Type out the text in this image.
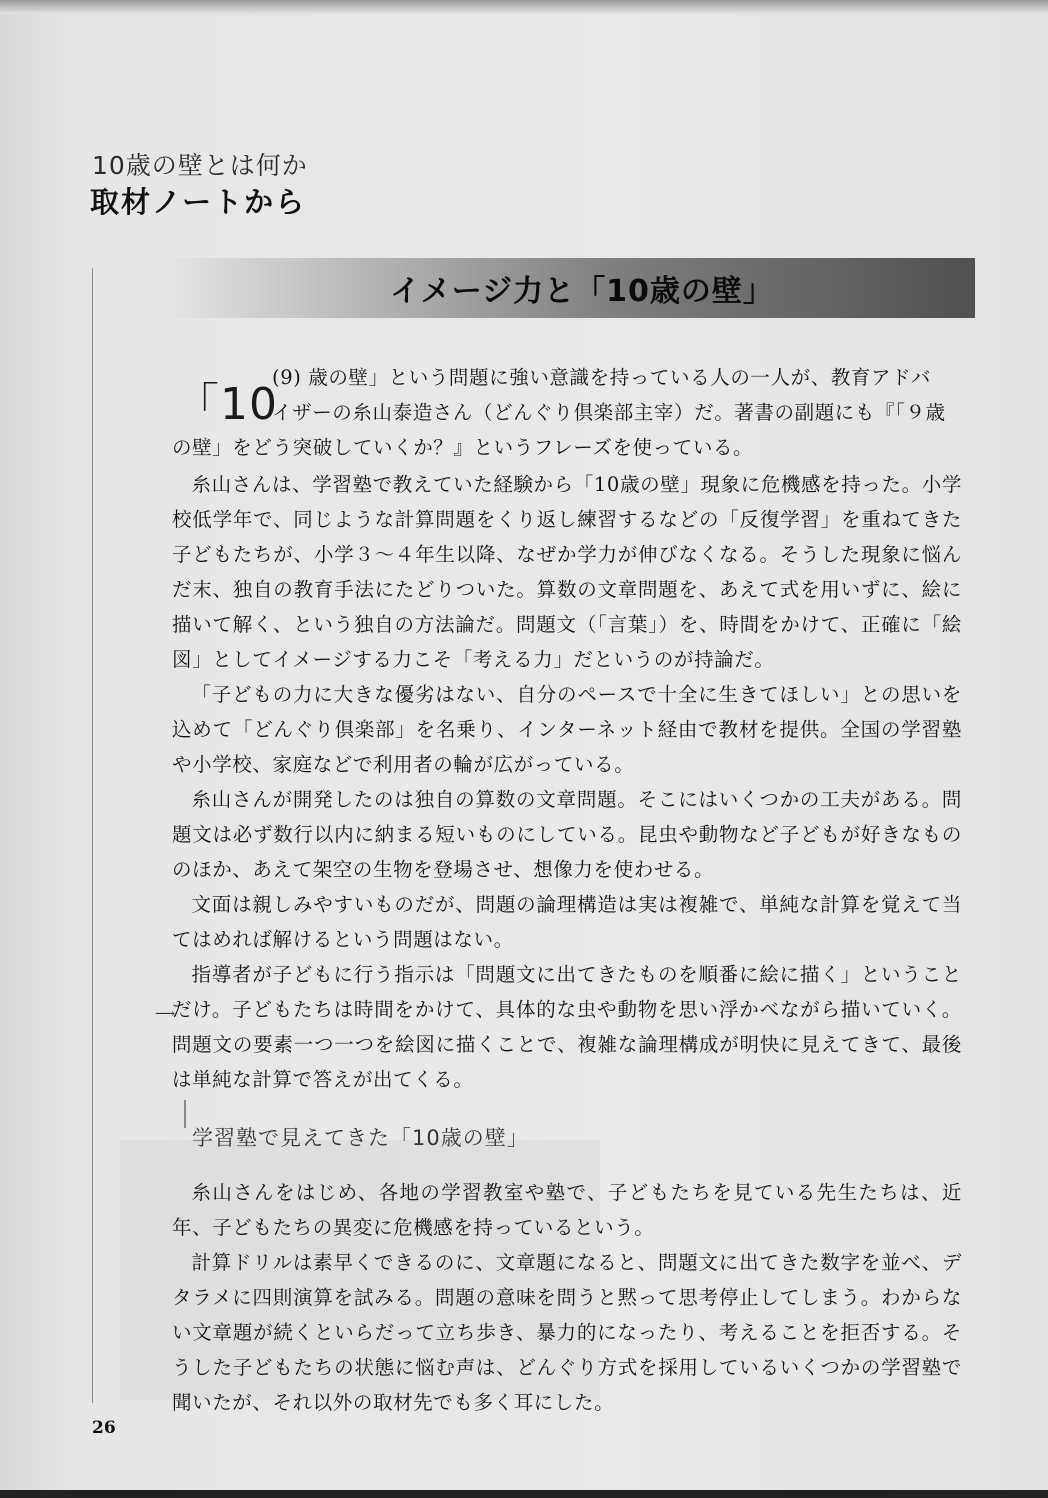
10歳の壁とは何か
取材ノートから
イメージ力と「10歳の壁」
「10
(9) 歳の壁」という問題に強い意識を持っている人の一人が、教育アドバ
イザーの糸山泰造さん（どんぐり倶楽部主宰）だ。著書の副題にも『「９歳
の壁」をどう突破していくか？』というフレーズを使っている。

糸山さんは、学習塾で教えていた経験から「10歳の壁」現象に危機感を持った。小学校低学年で、同じような計算問題をくり返し練習するなどの「反復学習」を重ねてきた子どもたちが、小学３～４年生以降、なぜか学力が伸びなくなる。そうした現象に悩んだ末、独自の教育手法にたどりついた。算数の文章問題を、あえて式を用いずに、絵に描いて解く、という独自の方法論だ。問題文（「言葉」）を、時間をかけて、正確に「絵図」としてイメージする力こそ「考える力」だというのが持論だ。

「子どもの力に大きな優劣はない、自分のペースで十全に生きてほしい」との思いを込めて「どんぐり倶楽部」を名乗り、インターネット経由で教材を提供。全国の学習塾や小学校、家庭などで利用者の輪が広がっている。

糸山さんが開発したのは独自の算数の文章問題。そこにはいくつかの工夫がある。問題文は必ず数行以内に納まる短いものにしている。昆虫や動物など子どもが好きなもののほか、あえて架空の生物を登場させ、想像力を使わせる。

文面は親しみやすいものだが、問題の論理構造は実は複雑で、単純な計算を覚えて当てはめれば解けるという問題はない。

指導者が子どもに行う指示は「問題文に出てきたものを順番に絵に描く」ということだけ。子どもたちは時間をかけて、具体的な虫や動物を思い浮かべながら描いていく。問題文の要素一つ一つを絵図に描くことで、複雑な論理構成が明快に見えてきて、最後は単純な計算で答えが出てくる。

⟶
学習塾で見えてきた「10歳の壁」

糸山さんをはじめ、各地の学習教室や塾で、子どもたちを見ている先生たちは、近年、子どもたちの異変に危機感を持っているという。

計算ドリルは素早くできるのに、文章題になると、問題文に出てきた数字を並べ、デタラメに四則演算を試みる。問題の意味を問うと黙って思考停止してしまう。わからない文章題が続くといらだって立ち歩き、暴力的になったり、考えることを拒否する。そうした子どもたちの状態に悩む声は、どんぐり方式を採用しているいくつかの学習塾で聞いたが、それ以外の取材先でも多く耳にした。

26
